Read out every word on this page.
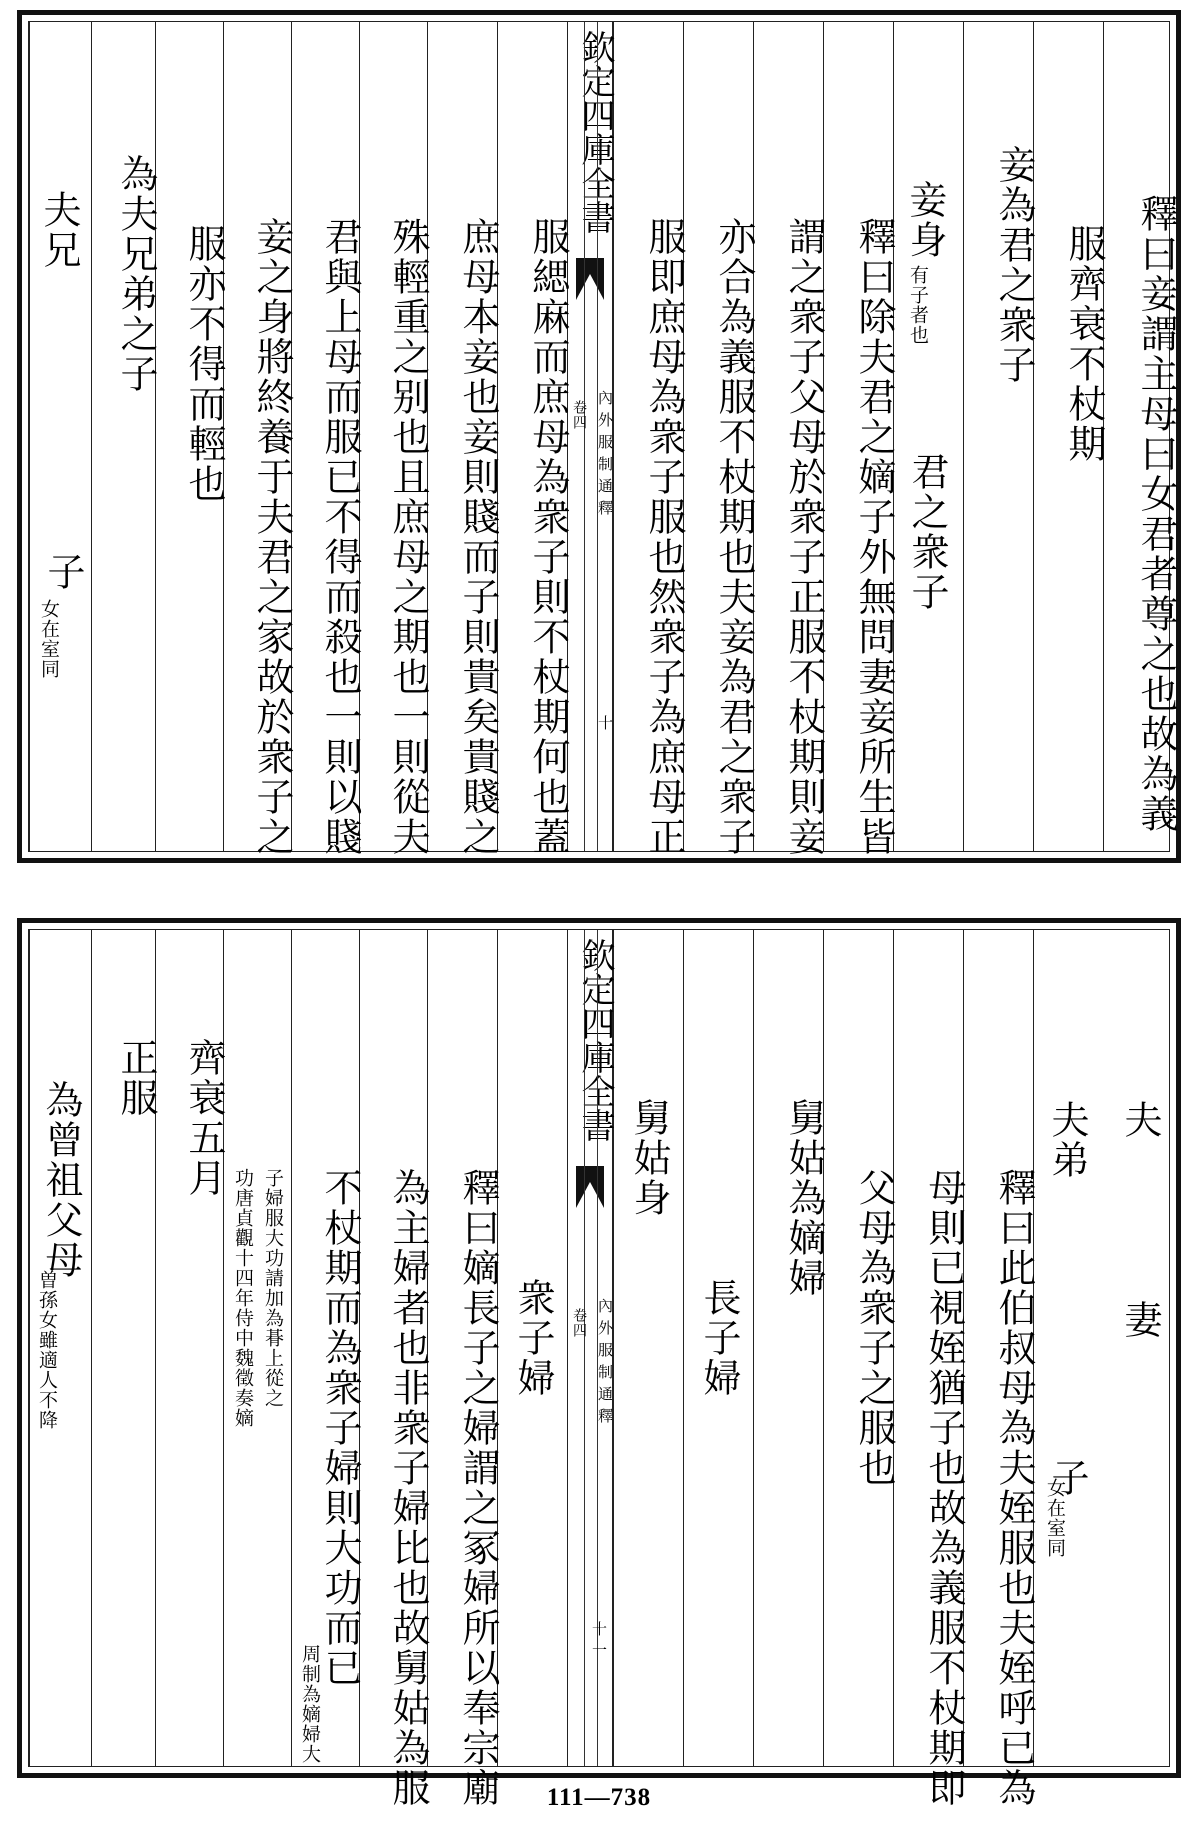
釋曰妾謂主母曰女君者尊之也故為義
服齊衰不杖期
妾為君之衆子
妾身
有子者也
君之衆子
釋曰除夫君之嫡子外無問妻妾所生皆
謂之衆子父母於衆子正服不杖期則妾
亦合為義服不杖期也夫妾為君之衆子
服即庶母為衆子服也然衆子為庶母正
欽定四庫全書
卷四 內外服制通釋
十
服緦麻而庶母為衆子則不杖期何也蓋
庶母本妾也妾則賤而子則貴矣貴賤之
殊輕重之别也且庶母之期也一則從夫
君與上母而服已不得而殺也一則以賤
妾之身將終養于夫君之家故於衆子之
服亦不得而輕也
為夫兄弟之子
夫兄
子
女在室同
夫
妻
夫弟
子
女在室同
釋曰此伯叔母為夫姪服也夫姪呼已為
母則已視姪猶子也故為義服不杖期即
父母為衆子之服也
舅姑為嫡婦
長子婦
舅姑身
欽定四庫全書
卷四 內外服制通釋
十一
衆子婦
釋曰嫡長子之婦謂之冢婦所以奉宗廟
為主婦者也非衆子婦比也故舅姑為服
不杖期而為衆子婦則大功而已
周制為嫡婦大
功唐貞觀十四年侍中魏徵奏嫡 子婦服大功請加為朞上從之
齊衰五月
正服
為曾祖父母
曽孫女雖適人不降
111—738
